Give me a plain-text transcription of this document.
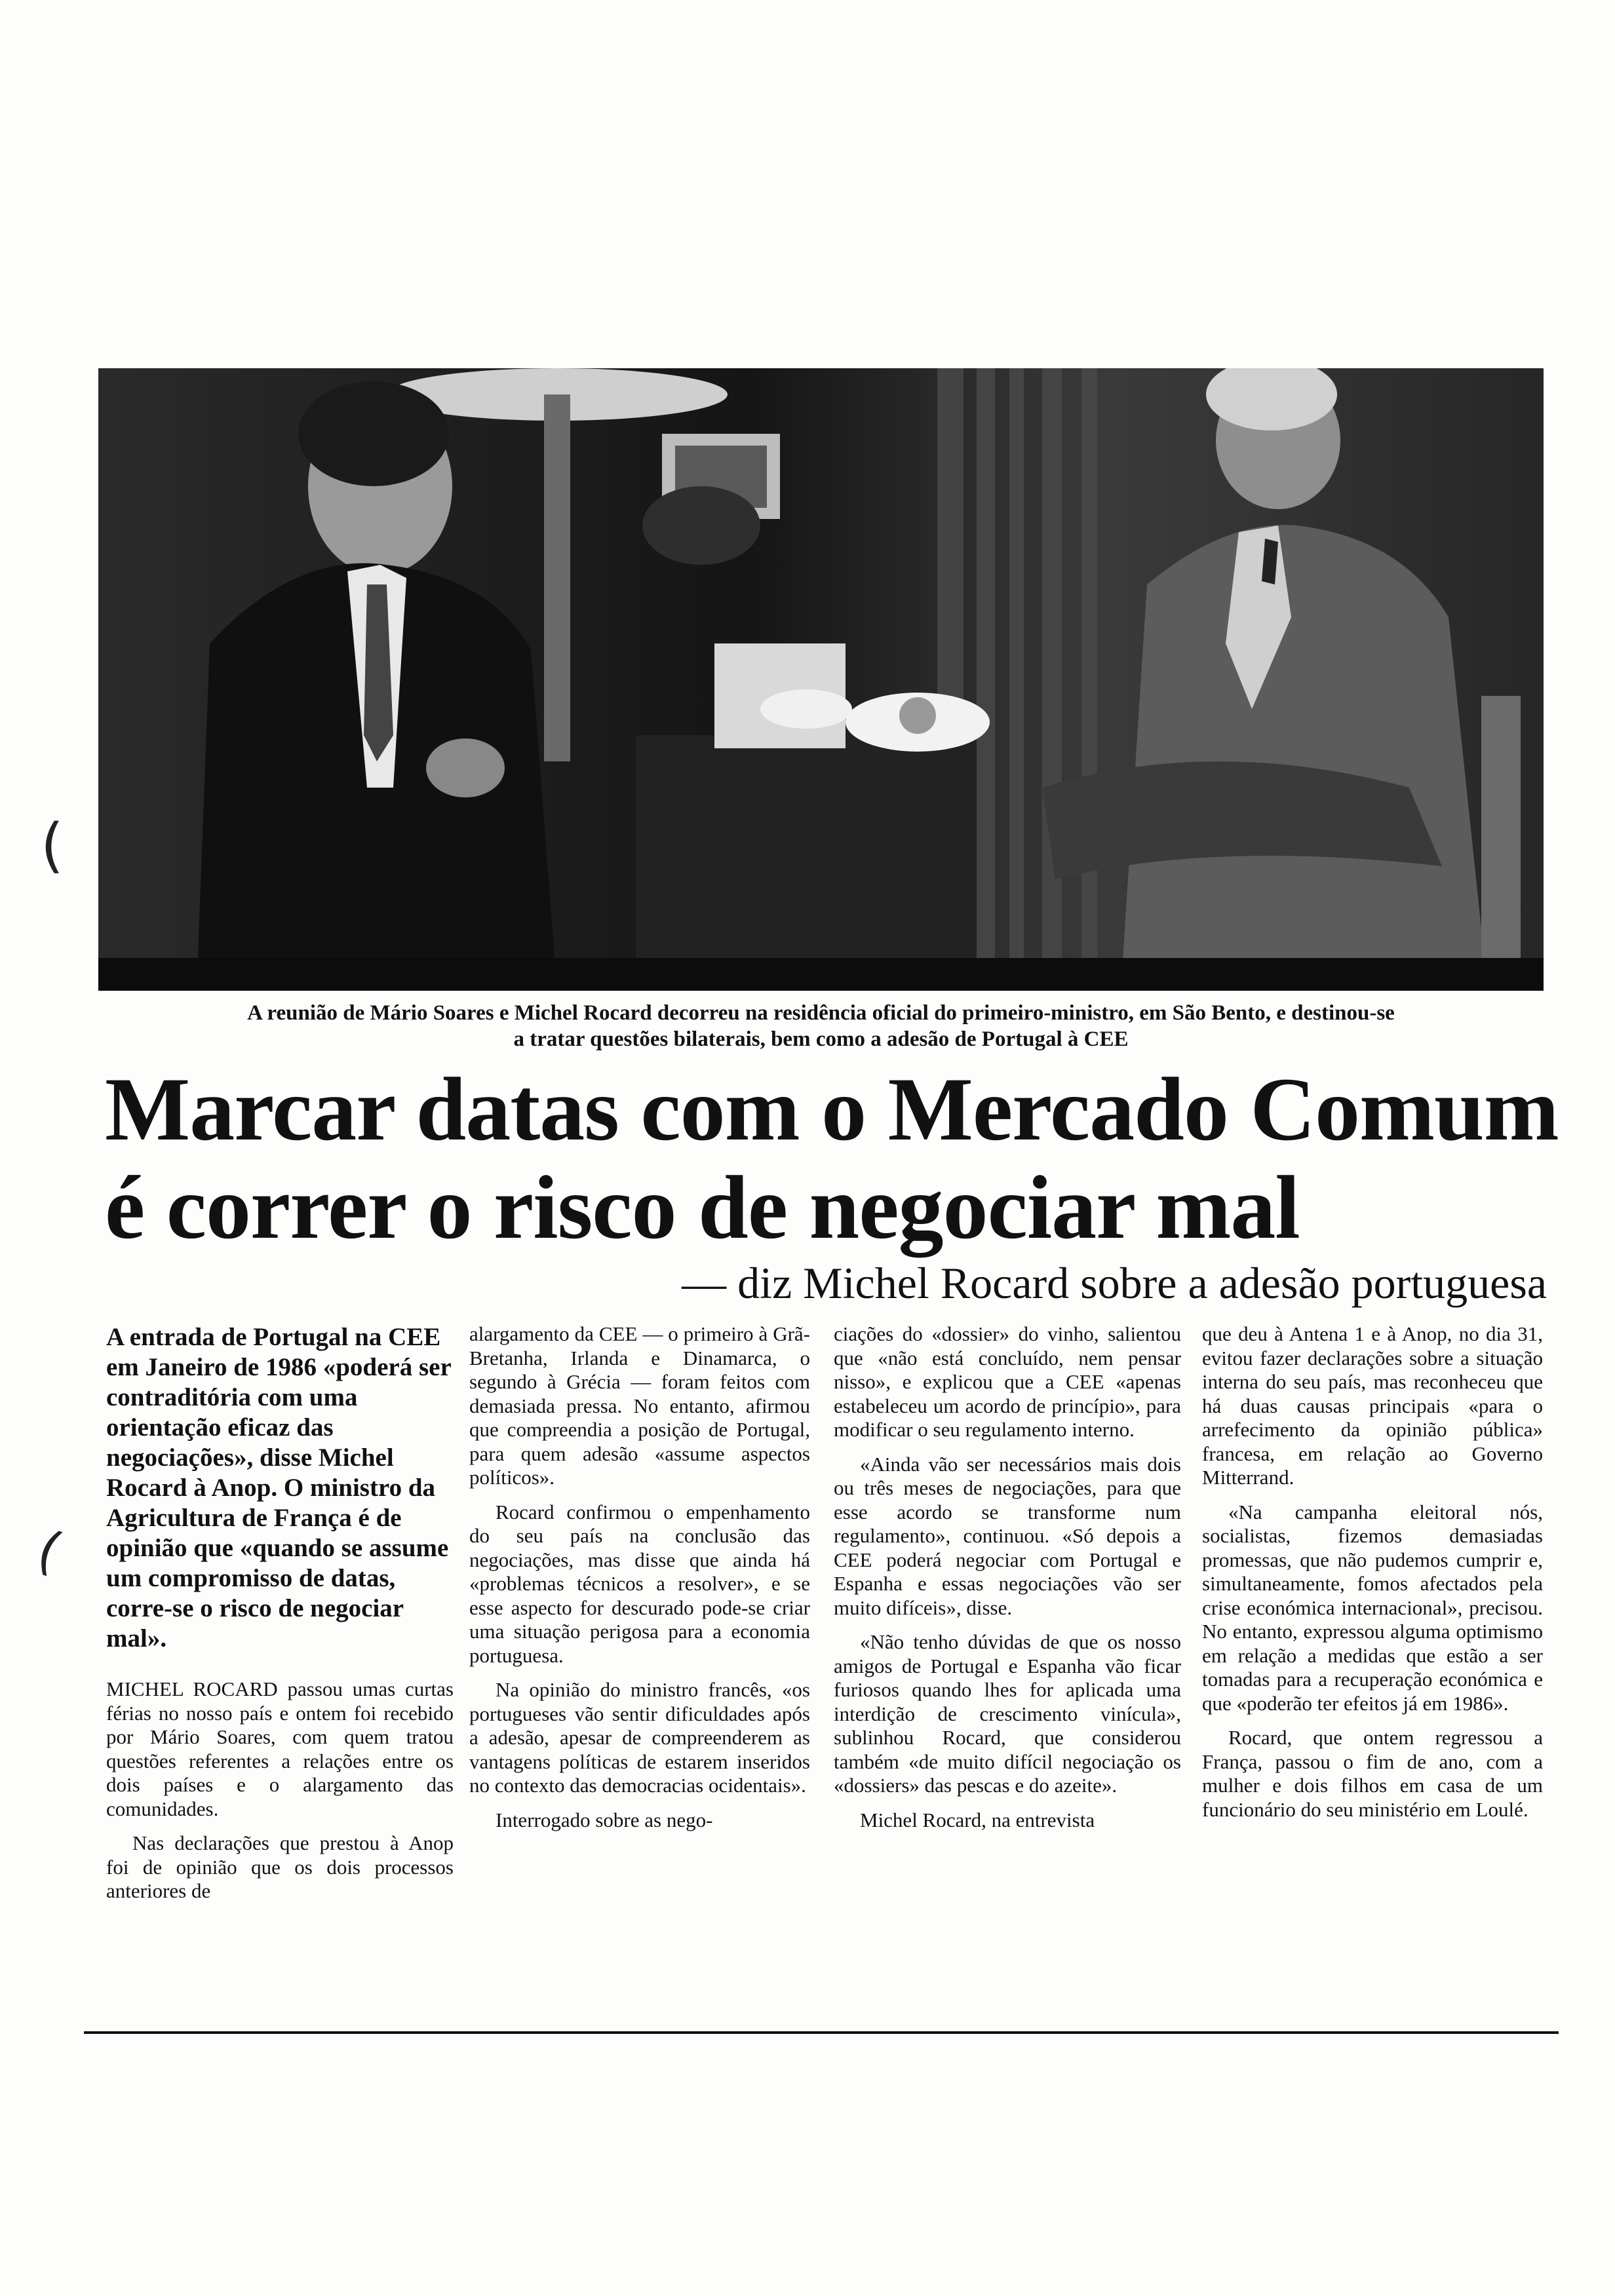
A reunião de Mário Soares e Michel Rocard decorreu na residência oficial do primeiro-ministro, em São Bento, e destinou-se
a tratar questões bilaterais, bem como a adesão de Portugal à CEE
Marcar datas com o Mercado Comum
é correr o risco de negociar mal
— diz Michel Rocard sobre a adesão portuguesa
A entrada de Portugal na CEE em Janeiro de 1986 «poderá ser contraditória com uma orientação eficaz das negociações», disse Michel Rocard à Anop. O ministro da Agricultura de França é de opinião que «quando se assume um compromisso de datas, corre-se o risco de negociar mal».

MICHEL ROCARD passou umas curtas férias no nosso país e ontem foi recebido por Mário Soares, com quem tratou questões referentes a relações entre os dois países e o alargamento das comunidades.

Nas declarações que prestou à Anop foi de opinião que os dois processos anteriores de

alargamento da CEE — o primeiro à Grã-Bretanha, Irlanda e Dinamarca, o segundo à Grécia — foram feitos com demasiada pressa. No entanto, afirmou que compreendia a posição de Portugal, para quem adesão «assume aspectos políticos».

Rocard confirmou o empenhamento do seu país na conclusão das negociações, mas disse que ainda há «problemas técnicos a resolver», e se esse aspecto for descurado pode-se criar uma situação perigosa para a economia portuguesa.

Na opinião do ministro francês, «os portugueses vão sentir dificuldades após a adesão, apesar de compreenderem as vantagens políticas de estarem inseridos no contexto das democracias ocidentais».

Interrogado sobre as nego-

ciações do «dossier» do vinho, salientou que «não está concluído, nem pensar nisso», e explicou que a CEE «apenas estabeleceu um acordo de princípio», para modificar o seu regulamento interno.

«Ainda vão ser necessários mais dois ou três meses de negociações, para que esse acordo se transforme num regulamento», continuou. «Só depois a CEE poderá negociar com Portugal e Espanha e essas negociações vão ser muito difíceis», disse.

«Não tenho dúvidas de que os nosso amigos de Portugal e Espanha vão ficar furiosos quando lhes for aplicada uma interdição de crescimento vinícula», sublinhou Rocard, que considerou também «de muito difícil negociação os «dossiers» das pescas e do azeite».

Michel Rocard, na entrevista

que deu à Antena 1 e à Anop, no dia 31, evitou fazer declarações sobre a situação interna do seu país, mas reconheceu que há duas causas principais «para o arrefecimento da opinião pública» francesa, em relação ao Governo Mitterrand.

«Na campanha eleitoral nós, socialistas, fizemos demasiadas promessas, que não pudemos cumprir e, simultaneamente, fomos afectados pela crise económica internacional», precisou. No entanto, expressou alguma optimismo em relação a medidas que estão a ser tomadas para a recuperação económica e que «poderão ter efeitos já em 1986».

Rocard, que ontem regressou a França, passou o fim de ano, com a mulher e dois filhos em casa de um funcionário do seu ministério em Loulé.

(
(
